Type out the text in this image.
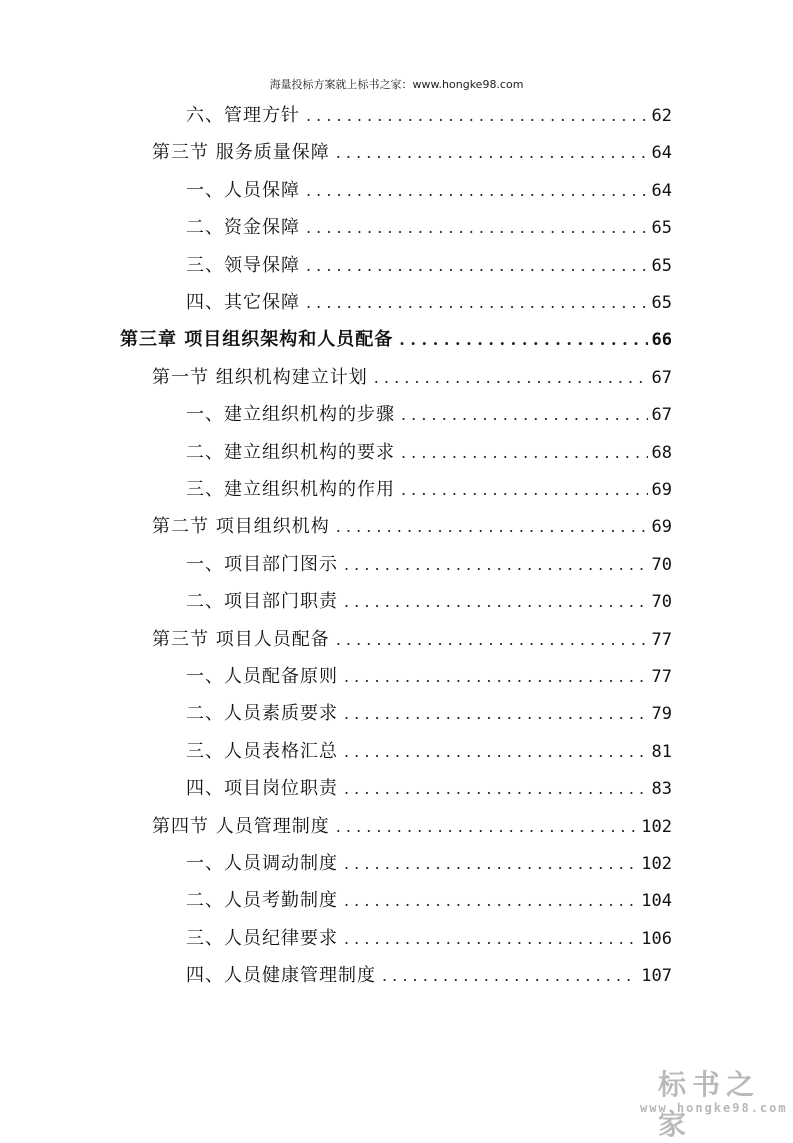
海量投标方案就上标书之家：www.hongke98.com
六、管理方针 . . .	62
第三节 服务质量保障 . . .	64
一、人员保障 . . .	64
二、资金保障 . . .	65
三、领导保障 . . .	65
四、其它保障 . . .	65
第三章 项目组织架构和人员配备 . . .	66
第一节 组织机构建立计划 . . .	67
一、建立组织机构的步骤 . . .	67
二、建立组织机构的要求 . . .	68
三、建立组织机构的作用 . . .	69
第二节 项目组织机构 . . .	69
一、项目部门图示 . . .	70
二、项目部门职责 . . .	70
第三节 项目人员配备 . . .	77
一、人员配备原则 . . .	77
二、人员素质要求 . . .	79
三、人员表格汇总 . . .	81
四、项目岗位职责 . . .	83
第四节 人员管理制度 . . .	102
一、人员调动制度 . . .	102
二、人员考勤制度 . . .	104
三、人员纪律要求 . . .	106
四、人员健康管理制度 . . .	107
标书之家
www.hongke98.com
